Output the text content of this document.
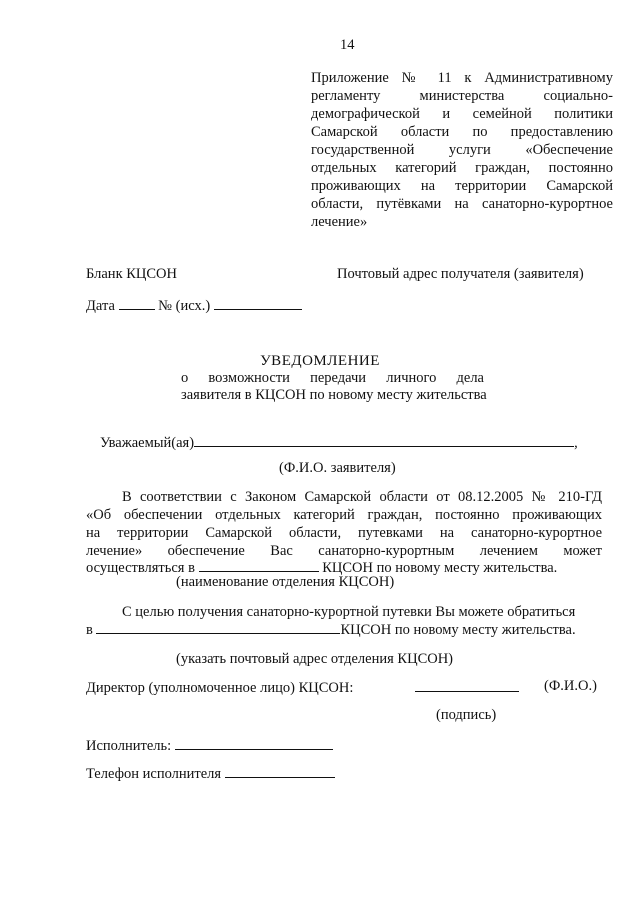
14
Приложение № 11 к Административному
регламенту министерства социально-
демографической и семейной политики
Самарской области по предоставлению
государственной услуги «Обеспечение
отдельных категорий граждан, постоянно
проживающих на территории Самарской
области, путёвками на санаторно-курортное
лечение»
Бланк КЦСОН	Почтовый адрес получателя (заявителя)
Дата	№ (исх.)
УВЕДОМЛЕНИЕ
о возможности передачи личного дела
заявителя в КЦСОН по новому месту жительства
Уважаемый(ая)	,
(Ф.И.О. заявителя)
В соответствии с Законом Самарской области от 08.12.2005 № 210-ГД
«Об обеспечении отдельных категорий граждан, постоянно проживающих
на территории Самарской области, путевками на санаторно-курортное
лечение» обеспечение Вас санаторно-курортным лечением может
осуществляться в	КЦСОН по новому месту жительства.
(наименование отделения КЦСОН)
С целью получения санаторно-курортной путевки Вы можете обратиться
в	КЦСОН по новому месту жительства.
(указать почтовый адрес отделения КЦСОН)
Директор (уполномоченное лицо) КЦСОН:	(Ф.И.О.)
(подпись)
Исполнитель:
Телефон исполнителя
